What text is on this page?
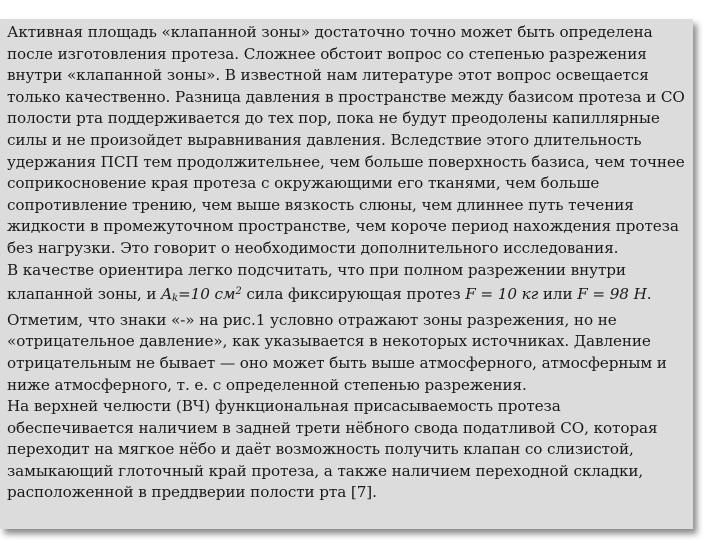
Активная площадь «клапанной зоны» достаточно точно может быть определена после изготовления протеза. Сложнее обстоит вопрос со степенью разрежения внутри «клапанной зоны». В известной нам литературе этот вопрос освещается только качественно. Разница давления в пространстве между базисом протеза и СО полости рта поддерживается до тех пор, пока не будут преодолены капиллярные силы и не произойдет выравнивания давления. Вследствие этого длительность удержания ПСП тем продолжительнее, чем больше поверхность базиса, чем точнее соприкосновение края протеза с окружающими его тканями, чем больше сопротивление трению, чем выше вязкость слюны, чем длиннее путь течения жидкости в промежуточном пространстве, чем короче период нахождения протеза без нагрузки. Это говорит о необходимости дополнительного исследования.

В качестве ориентира легко подсчитать, что при полном разрежении внутри клапанной зоны, и $A_k=10$ $см^2$ сила фиксирующая протез F = 10 кг или F = 98 Н. Отметим, что знаки «-» на рис.1 условно отражают зоны разрежения, но не «отрицательное давление», как указывается в некоторых источниках. Давление отрицательным не бывает — оно может быть выше атмосферного, атмосферным и ниже атмосферного, т. е. с определенной степенью разрежения.

На верхней челюсти (ВЧ) функциональная присасываемость протеза обеспечивается наличием в задней трети нёбного свода податливой СО, которая переходит на мягкое нёбо и даёт возможность получить клапан со слизистой, замыкающий глоточный край протеза, а также наличием переходной складки, расположенной в преддверии полости рта [7].
